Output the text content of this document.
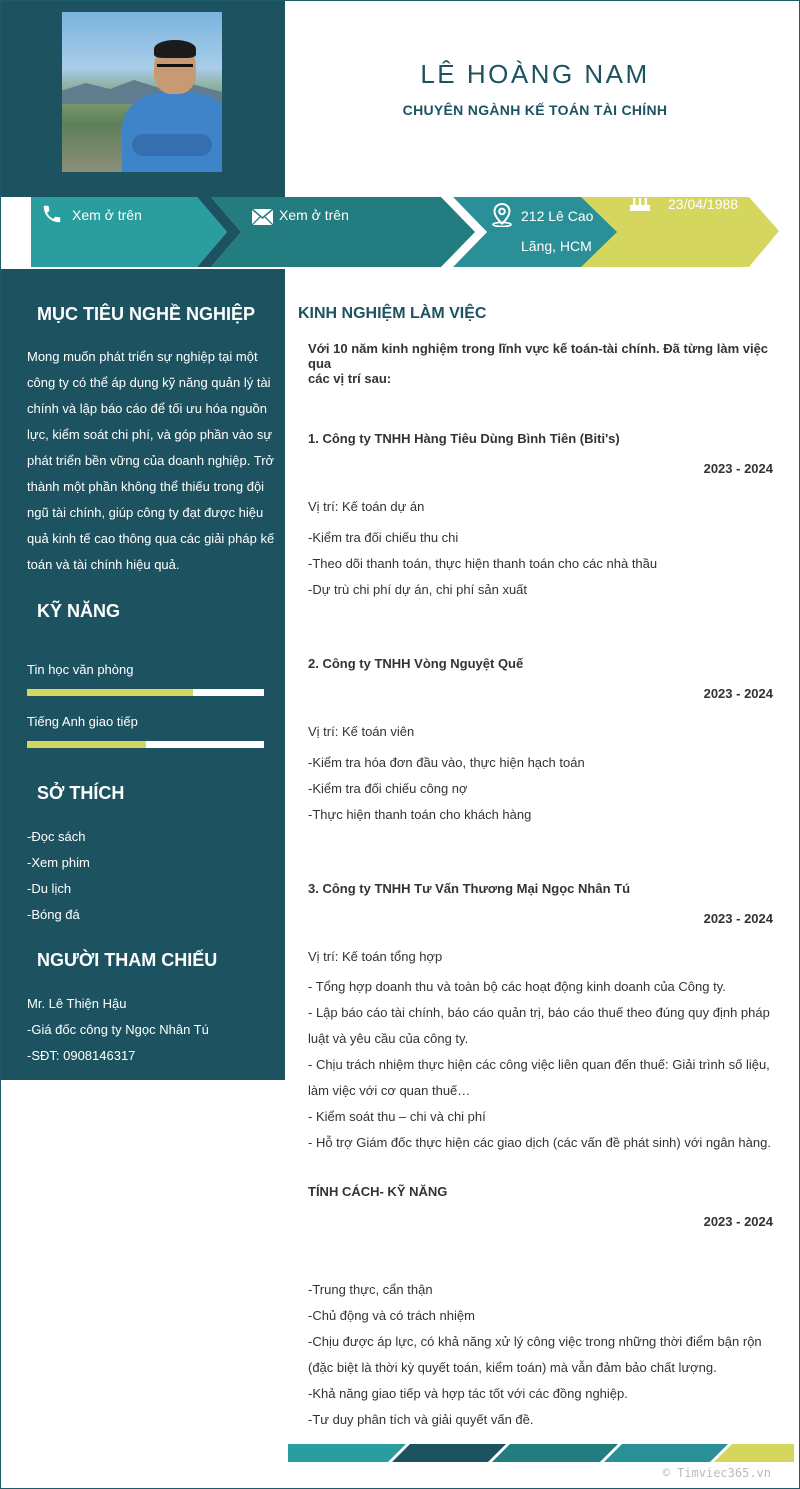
LÊ HOÀNG NAM
CHUYÊN NGÀNH KẾ TOÁN TÀI CHÍNH
Xem ở trên	Xem ở trên	212 Lê Cao
Lãng, HCM
23/04/1988
MỤC TIÊU NGHỀ NGHIỆP
Mong muốn phát triển sự nghiệp tại một
công ty có thể áp dụng kỹ năng quản lý tài
chính và lập báo cáo để tối ưu hóa nguồn
lực, kiểm soát chi phí, và góp phần vào sự
phát triển bền vững của doanh nghiệp. Trở
thành một phần không thể thiếu trong đội
ngũ tài chính, giúp công ty đạt được hiệu
quả kinh tế cao thông qua các giải pháp kế
toán và tài chính hiệu quả.
KỸ NĂNG
Tin học văn phòng
Tiếng Anh giao tiếp
SỞ THÍCH
-Đọc sách
-Xem phim
-Du lịch
-Bóng đá
NGƯỜI THAM CHIẾU
Mr. Lê Thiện Hậu
-Giá đốc công ty Ngọc Nhân Tú
-SĐT: 0908146317
KINH NGHIỆM LÀM VIỆC
Với 10 năm kinh nghiệm trong lĩnh vực kế toán-tài chính. Đã từng làm việc qua
các vị trí sau:
1. Công ty TNHH Hàng Tiêu Dùng Bình Tiên (Biti's)
2023 - 2024
Vị trí: Kế toán dự án
-Kiểm tra đối chiếu thu chi
-Theo dõi thanh toán, thực hiện thanh toán cho các nhà thầu
-Dự trù chi phí dự án, chi phí sản xuất
2. Công ty TNHH Vòng Nguyệt Quế
2023 - 2024
Vị trí: Kế toán viên
-Kiểm tra hóa đơn đầu vào, thực hiện hạch toán
-Kiểm tra đối chiếu công nợ
-Thực hiện thanh toán cho khách hàng
3. Công ty TNHH Tư Vấn Thương Mại Ngọc Nhân Tú
2023 - 2024
Vị trí: Kế toán tổng hợp
- Tổng hợp doanh thu và toàn bộ các hoạt động kinh doanh của Công ty.
- Lập báo cáo tài chính, báo cáo quản trị, báo cáo thuế theo đúng quy định pháp
luật và yêu cầu của công ty.
- Chịu trách nhiệm thực hiện các công việc liên quan đến thuế: Giải trình số liệu,
làm việc với cơ quan thuế…
- Kiểm soát thu – chi và chi phí
- Hỗ trợ Giám đốc thực hiện các giao dịch (các vấn đề phát sinh) với ngân hàng.
TÍNH CÁCH- KỸ NĂNG
2023 - 2024
-Trung thực, cẩn thận
-Chủ động và có trách nhiệm
-Chịu được áp lực, có khả năng xử lý công việc trong những thời điểm bận rộn
(đặc biệt là thời kỳ quyết toán, kiểm toán) mà vẫn đảm bảo chất lượng.
-Khả năng giao tiếp và hợp tác tốt với các đồng nghiệp.
-Tư duy phân tích và giải quyết vấn đề.
© Timviec365.vn
